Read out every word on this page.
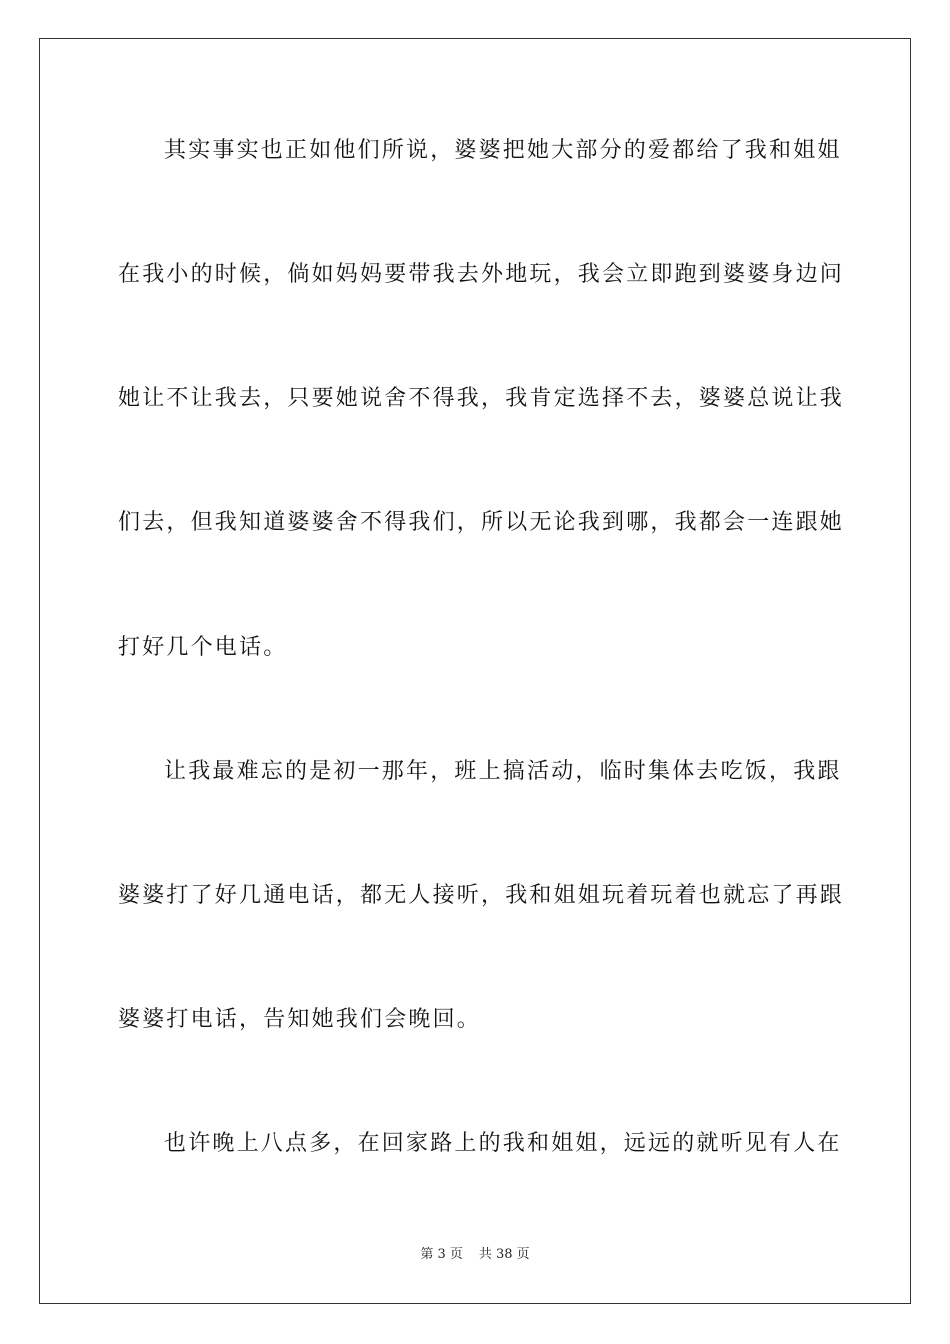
其实事实也正如他们所说，婆婆把她大部分的爱都给了我和姐姐
在我小的时候，倘如妈妈要带我去外地玩，我会立即跑到婆婆身边问
她让不让我去，只要她说舍不得我，我肯定选择不去，婆婆总说让我
们去，但我知道婆婆舍不得我们，所以无论我到哪，我都会一连跟她
打好几个电话。
让我最难忘的是初一那年，班上搞活动，临时集体去吃饭，我跟
婆婆打了好几通电话，都无人接听，我和姐姐玩着玩着也就忘了再跟
婆婆打电话，告知她我们会晚回。
也许晚上八点多，在回家路上的我和姐姐，远远的就听见有人在
第 3 页 共 38 页
